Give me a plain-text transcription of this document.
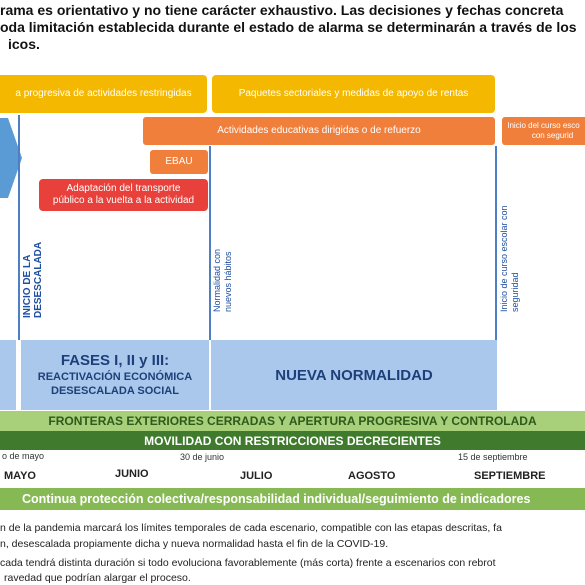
rama es orientativo y no tiene carácter exhaustivo. Las decisiones y fechas concreta
oda limitación establecida durante el estado de alarma se determinarán a través de los
icos.
a progresiva de actividades restringidas	Paquetes sectoriales y medidas de apoyo de rentas
Actividades educativas dirigidas o de refuerzo	Inicio del curso esco
con segurid
EBAU
Adaptación del transporte
público a la vuelta a la actividad
INICIO DE LA DESESCALADA	Normalidad con nuevos hábitos	Inicio de curso escolar con seguridad
FASES I, II y III:
REACTIVACIÓN ECONÓMICA
DESESCALADA SOCIAL
NUEVA NORMALIDAD
FRONTERAS EXTERIORES CERRADAS Y APERTURA PROGRESIVA Y CONTROLADA
MOVILIDAD CON RESTRICCIONES DECRECIENTES
o de mayo	30 de junio	15 de septiembre
MAYO	JUNIO	JULIO	AGOSTO	SEPTIEMBRE
Continua protección colectiva/responsabilidad individual/seguimiento de indicadores
n de la pandemia marcará los límites temporales de cada escenario, compatible con las etapas descritas, fa
n, desescalada propiamente dicha y nueva normalidad hasta el fin de la COVID-19.
cada tendrá distinta duración si todo evoluciona favorablemente (más corta) frente a escenarios con rebrot
ravedad que podrían alargar el proceso.
